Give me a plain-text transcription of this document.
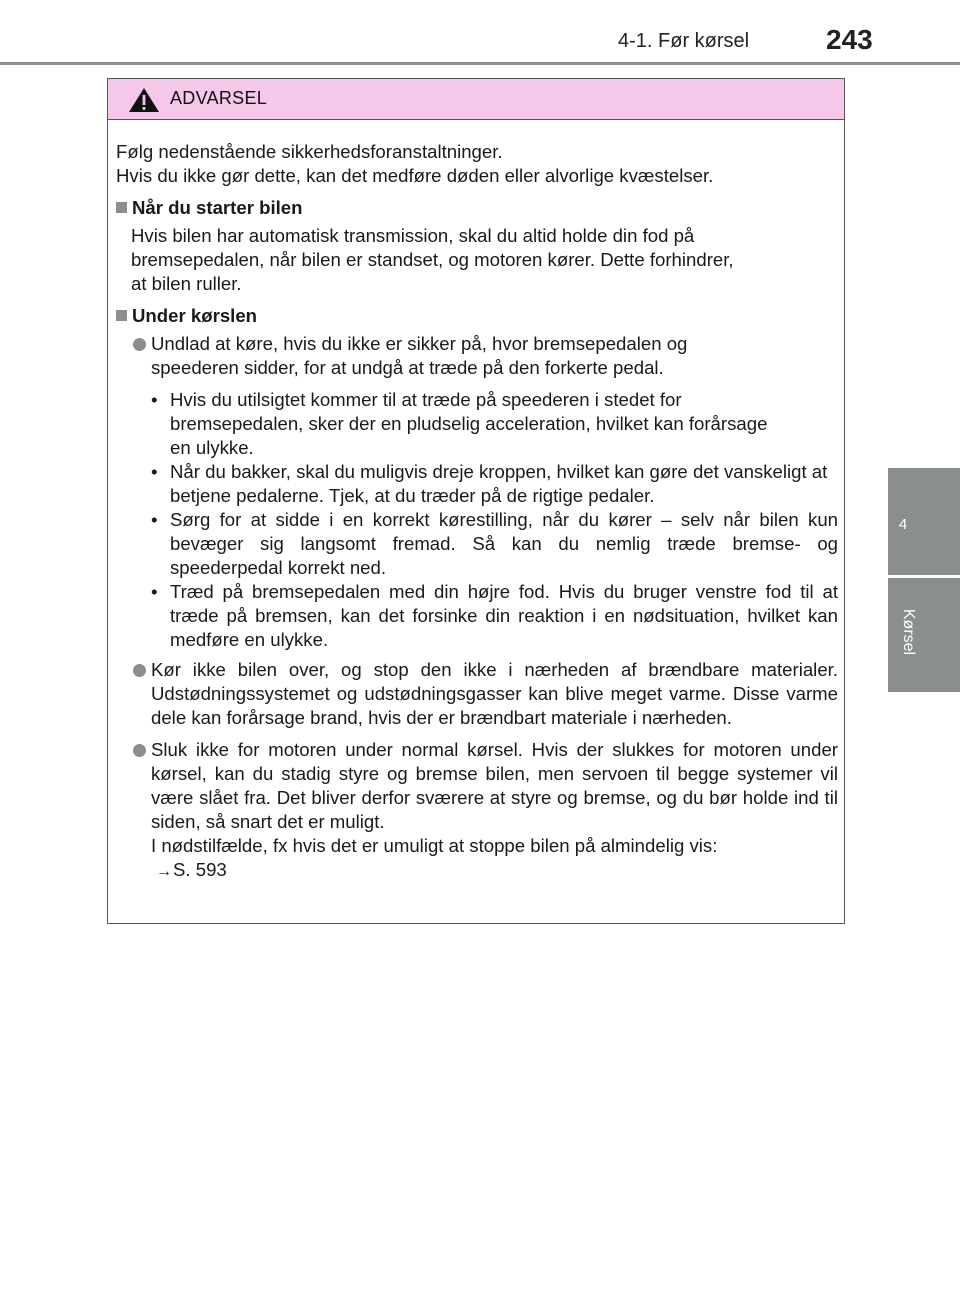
4-1. Før kørsel	243
4
Kørsel
ADVARSEL

Følg nedenstående sikkerhedsforanstaltninger.
Hvis du ikke gør dette, kan det medføre døden eller alvorlige kvæstelser.

Når du starter bilen

Hvis bilen har automatisk transmission, skal du altid holde din fod på bremsepedalen, når bilen er standset, og motoren kører. Dette forhindrer, at bilen ruller.

Under kørslen

Undlad at køre, hvis du ikke er sikker på, hvor bremsepedalen og speederen sidder, for at undgå at træde på den forkerte pedal.

• Hvis du utilsigtet kommer til at træde på speederen i stedet for bremsepedalen, sker der en pludselig acceleration, hvilket kan forårsage en ulykke.

• Når du bakker, skal du muligvis dreje kroppen, hvilket kan gøre det vanskeligt at betjene pedalerne. Tjek, at du træder på de rigtige pedaler.

• Sørg for at sidde i en korrekt kørestilling, når du kører – selv når bilen kun bevæger sig langsomt fremad. Så kan du nemlig træde bremse- og speederpedal korrekt ned.

• Træd på bremsepedalen med din højre fod. Hvis du bruger venstre fod til at træde på bremsen, kan det forsinke din reaktion i en nødsituation, hvilket kan medføre en ulykke.

Kør ikke bilen over, og stop den ikke i nærheden af brændbare materialer. Udstødningssystemet og udstødningsgasser kan blive meget varme. Disse varme dele kan forårsage brand, hvis der er brændbart materiale i nærheden.

Sluk ikke for motoren under normal kørsel. Hvis der slukkes for motoren under kørsel, kan du stadig styre og bremse bilen, men servoen til begge systemer vil være slået fra. Det bliver derfor sværere at styre og bremse, og du bør holde ind til siden, så snart det er muligt.

I nødstilfælde, fx hvis det er umuligt at stoppe bilen på almindelig vis:

→S. 593
